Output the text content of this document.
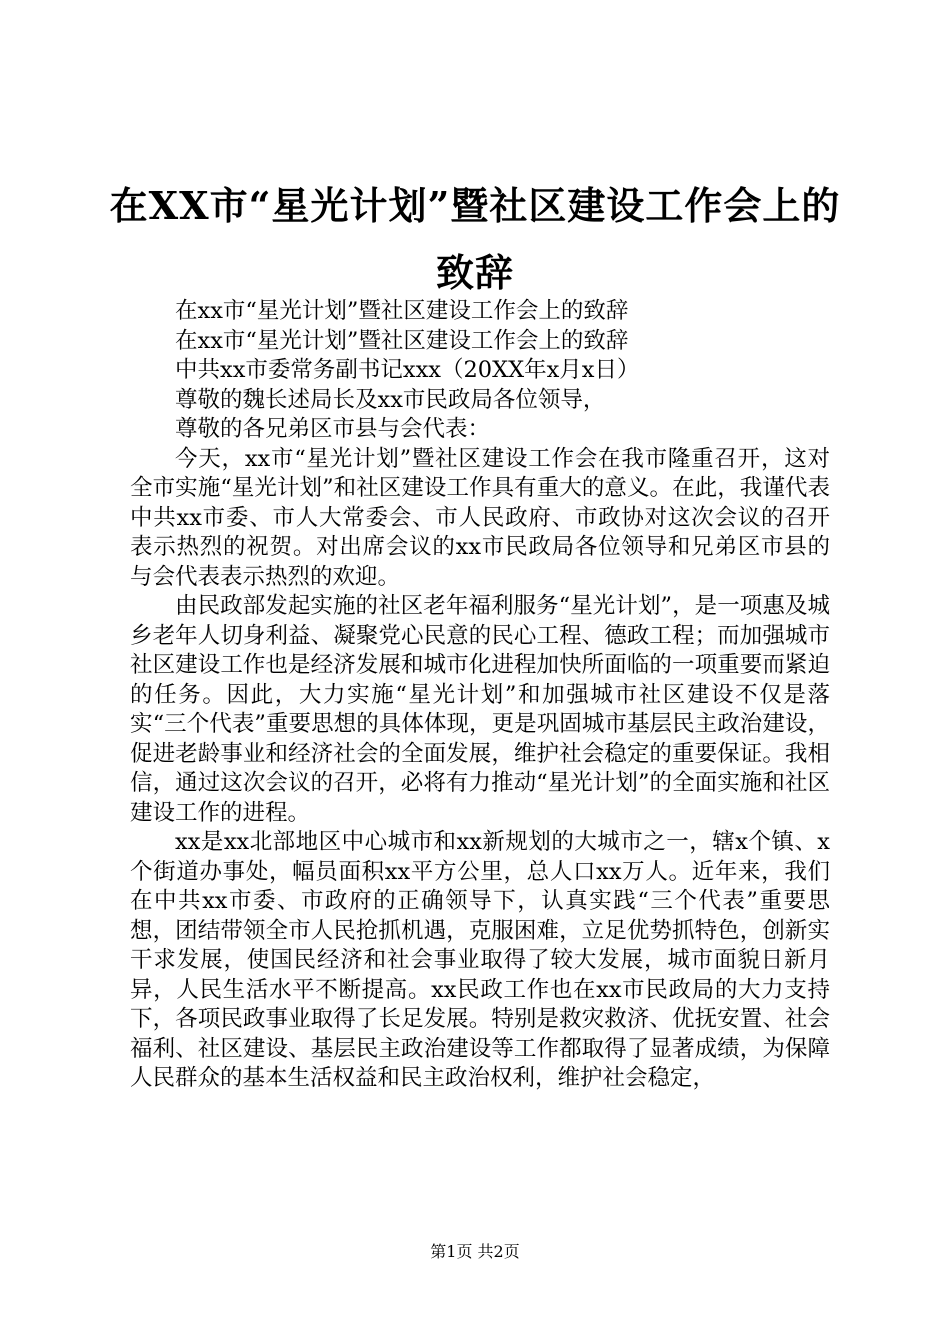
在XX市“星光计划”暨社区建设工作会上的
致辞

在xx市“星光计划”暨社区建设工作会上的致辞

在xx市“星光计划”暨社区建设工作会上的致辞

中共xx市委常务副书记xxx（20XX年x月x日）

尊敬的魏长述局长及xx市民政局各位领导，

尊敬的各兄弟区市县与会代表：

今天，xx市“星光计划”暨社区建设工作会在我市隆重召开，这对全市实施“星光计划”和社区建设工作具有重大的意义。在此，我谨代表中共xx市委、市人大常委会、市人民政府、市政协对这次会议的召开表示热烈的祝贺。对出席会议的xx市民政局各位领导和兄弟区市县的与会代表表示热烈的欢迎。

由民政部发起实施的社区老年福利服务“星光计划”，是一项惠及城乡老年人切身利益、凝聚党心民意的民心工程、德政工程；而加强城市社区建设工作也是经济发展和城市化进程加快所面临的一项重要而紧迫的任务。因此，大力实施“星光计划”和加强城市社区建设不仅是落实“三个代表”重要思想的具体体现，更是巩固城市基层民主政治建设，促进老龄事业和经济社会的全面发展，维护社会稳定的重要保证。我相信，通过这次会议的召开，必将有力推动“星光计划”的全面实施和社区建设工作的进程。

xx是xx北部地区中心城市和xx新规划的大城市之一，辖x个镇、x个街道办事处，幅员面积xx平方公里，总人口xx万人。近年来，我们在中共xx市委、市政府的正确领导下，认真实践“三个代表”重要思想，团结带领全市人民抢抓机遇，克服困难，立足优势抓特色，创新实干求发展，使国民经济和社会事业取得了较大发展，城市面貌日新月异，人民生活水平不断提高。xx民政工作也在xx市民政局的大力支持下，各项民政事业取得了长足发展。特别是救灾救济、优抚安置、社会福利、社区建设、基层民主政治建设等工作都取得了显著成绩，为保障人民群众的基本生活权益和民主政治权利，维护社会稳定，

第1页 共2页
